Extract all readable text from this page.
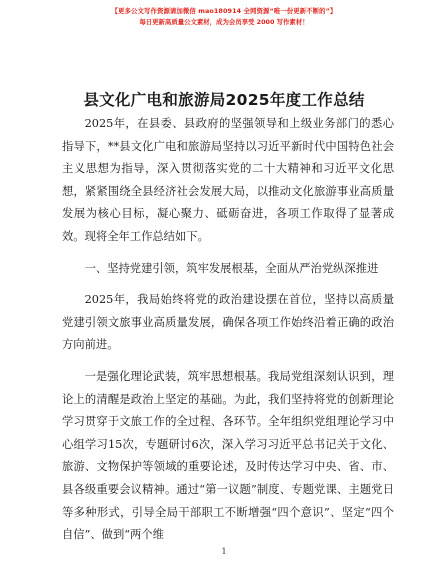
【更多公文写作资源请加微信 mao180914 全网资源“唯一份更新不断的”】
每日更新高质量公文素材，成为会员享受 2000 写作素材！
县文化广电和旅游局2025年度工作总结

2025年，在县委、县政府的坚强领导和上级业务部门的悉心指导下，**县文化广电和旅游局坚持以习近平新时代中国特色社会主义思想为指导，深入贯彻落实党的二十大精神和习近平文化思想，紧紧围绕全县经济社会发展大局，以推动文化旅游事业高质量发展为核心目标，凝心聚力、砥砺奋进，各项工作取得了显著成效。现将全年工作总结如下。

一、坚持党建引领，筑牢发展根基，全面从严治党纵深推进

2025年，我局始终将党的政治建设摆在首位，坚持以高质量党建引领文旅事业高质量发展，确保各项工作始终沿着正确的政治方向前进。

一是强化理论武装，筑牢思想根基。我局党组深刻认识到，理论上的清醒是政治上坚定的基础。为此，我们坚持将党的创新理论学习贯穿于文旅工作的全过程、各环节。全年组织党组理论学习中心组学习15次，专题研讨6次，深入学习习近平总书记关于文化、旅游、文物保护等领域的重要论述，及时传达学习中央、省、市、县各级重要会议精神。通过“第一议题”制度、专题党课、主题党日等多种形式，引导全局干部职工不断增强“四个意识”、坚定“四个自信”、做到“两个维

1
